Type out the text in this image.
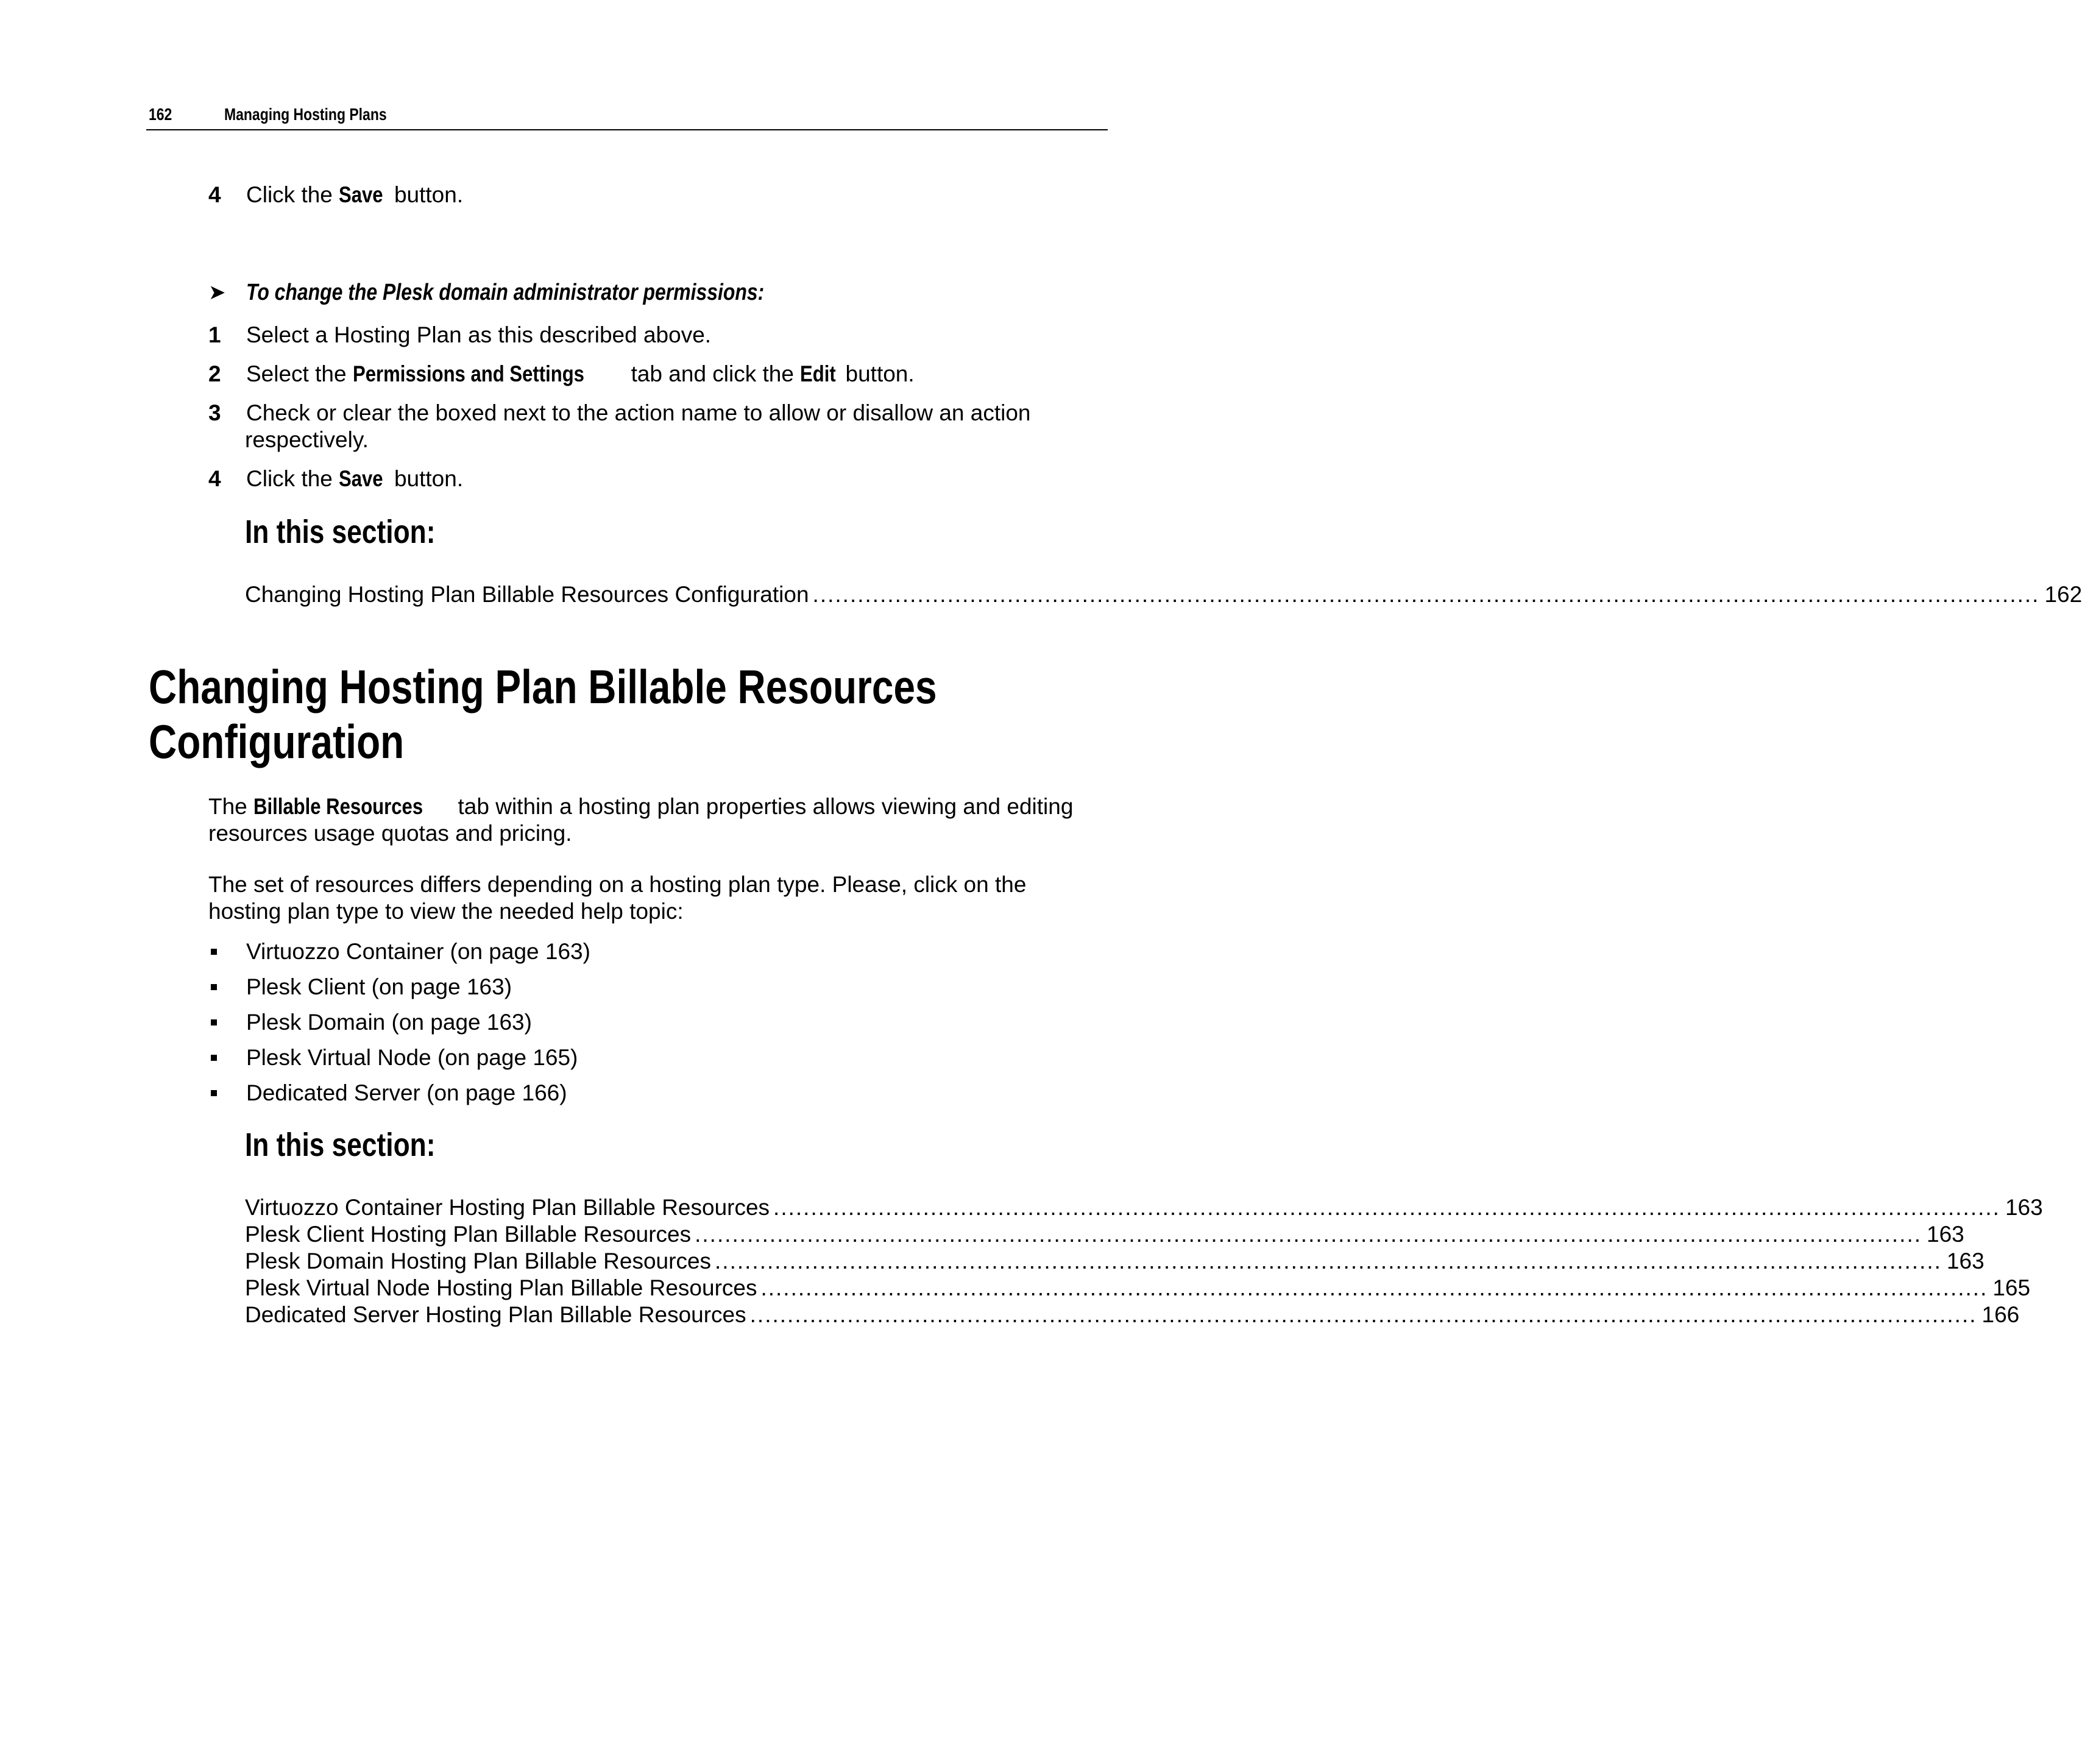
162	Managing Hosting Plans
4 Click the Save button.
➤ To change the Plesk domain administrator permissions:
1 Select a Hosting Plan as this described above.
2 Select the Permissions and Settings tab and click the Edit button.
3 Check or clear the boxed next to the action name to allow or disallow an action
respectively.
4 Click the Save button.
In this section:
Changing Hosting Plan Billable Resources Configuration .................................................................................................................................................................... 162
Changing Hosting Plan Billable Resources
Configuration
The Billable Resources tab within a hosting plan properties allows viewing and editing
resources usage quotas and pricing.
The set of resources differs depending on a hosting plan type. Please, click on the
hosting plan type to view the needed help topic:
Virtuozzo Container (on page 163)
Plesk Client (on page 163)
Plesk Domain (on page 163)
Plesk Virtual Node (on page 165)
Dedicated Server (on page 166)
In this section:
Virtuozzo Container Hosting Plan Billable Resources .................................................................................................................................................................... 163
Plesk Client Hosting Plan Billable Resources .................................................................................................................................................................... 163
Plesk Domain Hosting Plan Billable Resources .................................................................................................................................................................... 163
Plesk Virtual Node Hosting Plan Billable Resources .................................................................................................................................................................... 165
Dedicated Server Hosting Plan Billable Resources .................................................................................................................................................................... 166
